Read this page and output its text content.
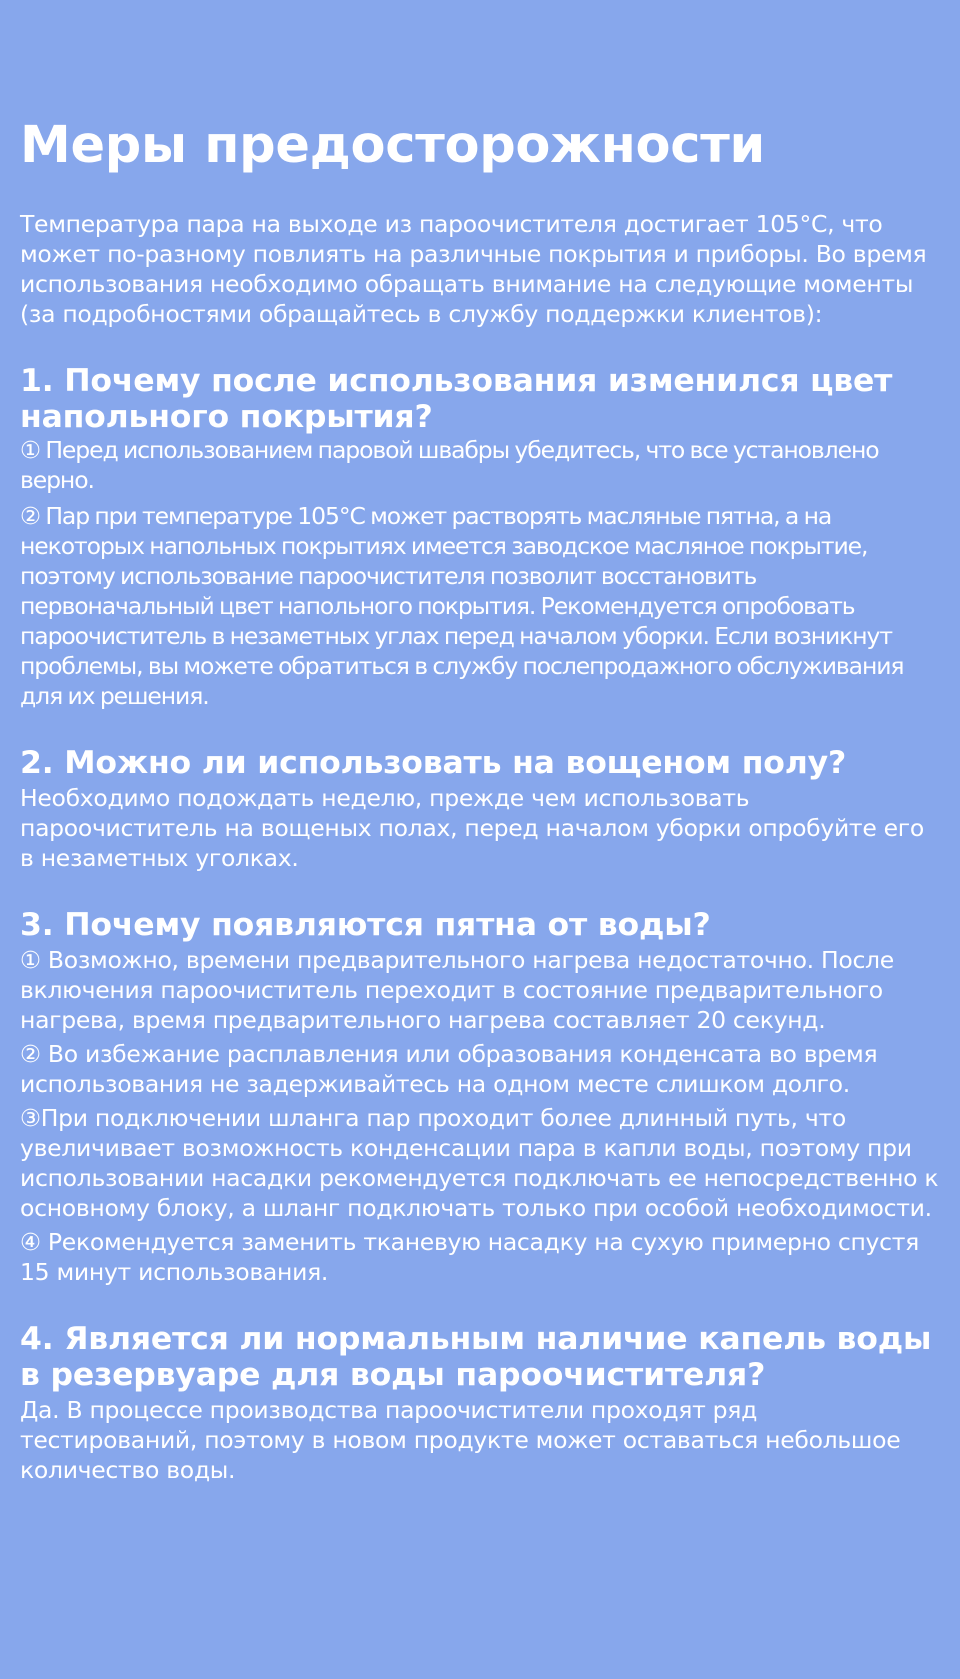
Меры предосторожности

Температура пара на выходе из пароочистителя достигает 105°C, что может по-разному повлиять на различные покрытия и приборы. Во время использования необходимо обращать внимание на следующие моменты (за подробностями обращайтесь в службу поддержки клиентов):

1. Почему после использования изменился цвет напольного покрытия?

① Перед использованием паровой швабры убедитесь, что все установлено верно.

② Пар при температуре 105°C может растворять масляные пятна, а на некоторых напольных покрытиях имеется заводское масляное покрытие, поэтому использование пароочистителя позволит восстановить первоначальный цвет напольного покрытия. Рекомендуется опробовать пароочиститель в незаметных углах перед началом уборки. Если возникнут проблемы, вы можете обратиться в службу послепродажного обслуживания для их решения.

2. Можно ли использовать на вощеном полу?

Необходимо подождать неделю, прежде чем использовать пароочиститель на вощеных полах, перед началом уборки опробуйте его в незаметных уголках.

3. Почему появляются пятна от воды?

① Возможно, времени предварительного нагрева недостаточно. После включения пароочиститель переходит в состояние предварительного нагрева, время предварительного нагрева составляет 20 секунд.

② Во избежание расплавления или образования конденсата во время использования не задерживайтесь на одном месте слишком долго.

③При подключении шланга пар проходит более длинный путь, что увеличивает возможность конденсации пара в капли воды, поэтому при использовании насадки рекомендуется подключать ее непосредственно к основному блоку, а шланг подключать только при особой необходимости.

④ Рекомендуется заменить тканевую насадку на сухую примерно спустя 15 минут использования.

4. Является ли нормальным наличие капель воды в резервуаре для воды пароочистителя?

Да. В процессе производства пароочистители проходят ряд тестирований, поэтому в новом продукте может оставаться небольшое количество воды.
